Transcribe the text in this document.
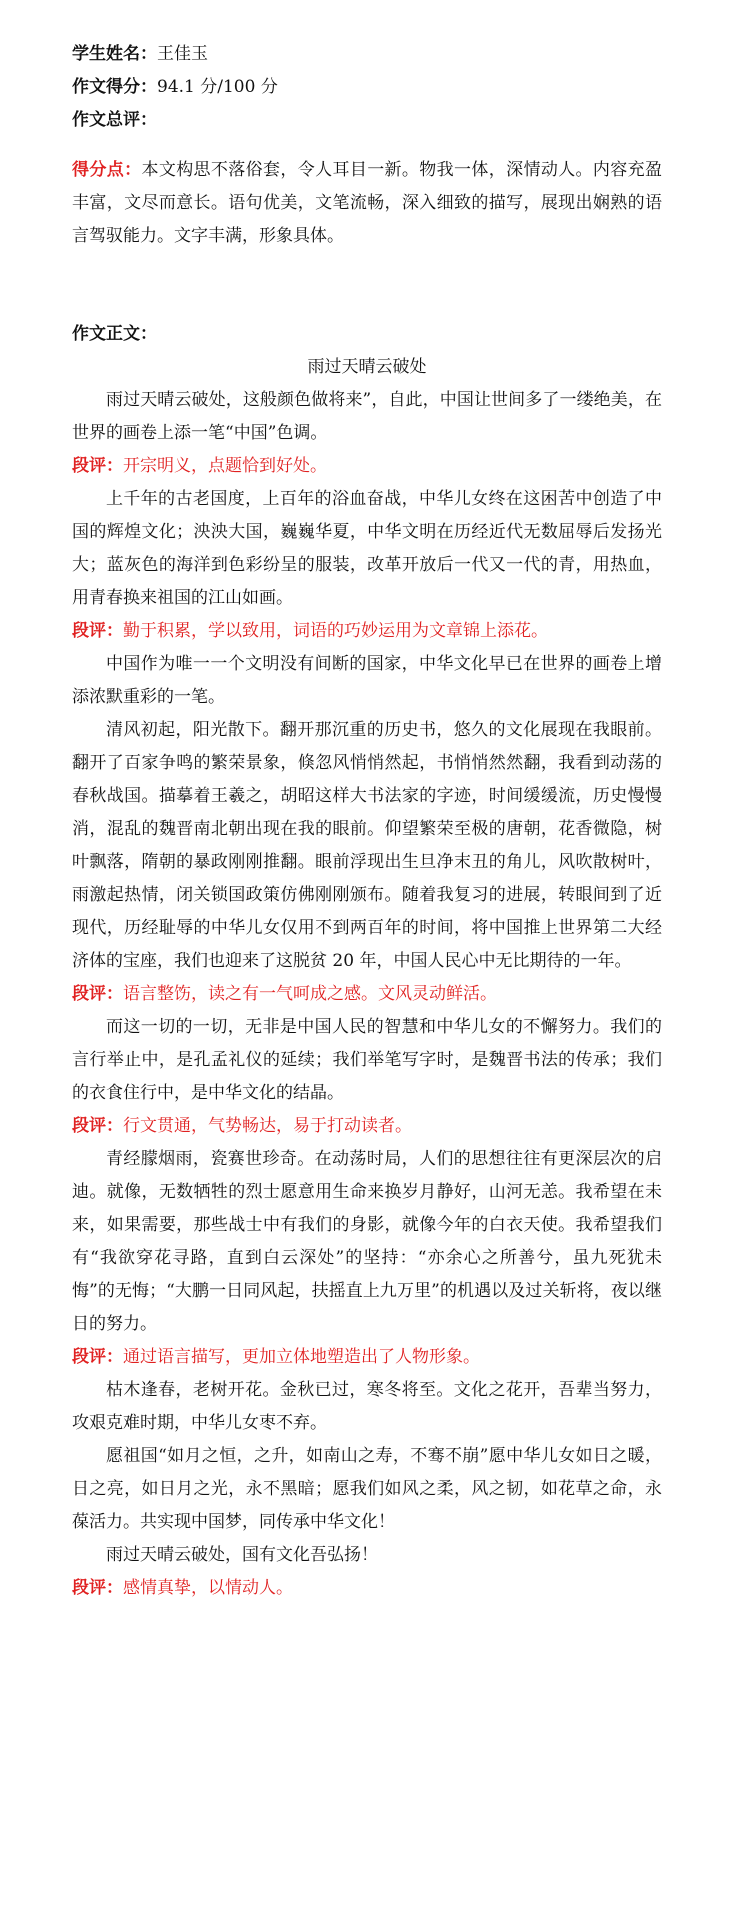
学生姓名：王佳玉
作文得分：94.1 分/100 分
作文总评：
得分点：本文构思不落俗套，令人耳目一新。物我一体，深情动人。内容充盈丰富，文尽而意长。语句优美，文笔流畅，深入细致的描写，展现出娴熟的语言驾驭能力。文字丰满，形象具体。
作文正文：
雨过天晴云破处

雨过天晴云破处，这般颜色做将来”，自此，中国让世间多了一缕绝美，在世界的画卷上添一笔“中国”色调。

段评：开宗明义，点题恰到好处。

上千年的古老国度，上百年的浴血奋战，中华儿女终在这困苦中创造了中国的辉煌文化；泱泱大国，巍巍华夏，中华文明在历经近代无数屈辱后发扬光大；蓝灰色的海洋到色彩纷呈的服装，改革开放后一代又一代的青，用热血，用青春换来祖国的江山如画。

段评：勤于积累，学以致用，词语的巧妙运用为文章锦上添花。

中国作为唯一一个文明没有间断的国家，中华文化早已在世界的画卷上增添浓默重彩的一笔。

清风初起，阳光散下。翻开那沉重的历史书，悠久的文化展现在我眼前。翻开了百家争鸣的繁荣景象，倏忽风悄悄然起，书悄悄然然翻，我看到动荡的春秋战国。描摹着王羲之，胡昭这样大书法家的字迹，时间缓缓流，历史慢慢消，混乱的魏晋南北朝出现在我的眼前。仰望繁荣至极的唐朝，花香微隐，树叶飘落，隋朝的暴政刚刚推翻。眼前浮现出生旦净末丑的角儿，风吹散树叶，雨激起热情，闭关锁国政策仿佛刚刚颁布。随着我复习的进展，转眼间到了近现代，历经耻辱的中华儿女仅用不到两百年的时间，将中国推上世界第二大经济体的宝座，我们也迎来了这脱贫 20 年，中国人民心中无比期待的一年。

段评：语言整饬，读之有一气呵成之感。文风灵动鲜活。

而这一切的一切，无非是中国人民的智慧和中华儿女的不懈努力。我们的言行举止中，是孔孟礼仪的延续；我们举笔写字时，是魏晋书法的传承；我们的衣食住行中，是中华文化的结晶。

段评：行文贯通，气势畅达，易于打动读者。

青经朦烟雨，瓷赛世珍奇。在动荡时局，人们的思想往往有更深层次的启迪。就像，无数牺牲的烈士愿意用生命来换岁月静好，山河无恙。我希望在未来，如果需要，那些战士中有我们的身影，就像今年的白衣天使。我希望我们有“我欲穿花寻路，直到白云深处”的坚持：“亦余心之所善兮，虽九死犹未悔”的无悔；“大鹏一日同风起，扶摇直上九万里”的机遇以及过关斩将，夜以继日的努力。

段评：通过语言描写，更加立体地塑造出了人物形象。

枯木逢春，老树开花。金秋已过，寒冬将至。文化之花开，吾辈当努力，攻艰克难时期，中华儿女枣不弃。

愿祖国“如月之恒，之升，如南山之寿，不骞不崩”愿中华儿女如日之暖，日之亮，如日月之光，永不黑暗；愿我们如风之柔，风之韧，如花草之命，永葆活力。共实现中国梦，同传承中华文化！

雨过天晴云破处，国有文化吾弘扬！

段评：感情真挚，以情动人。
